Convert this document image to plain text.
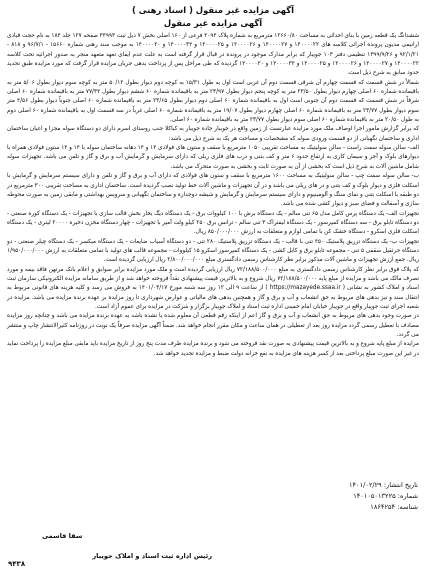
آگهی مزایده غیر منقول ( اسناد رهنی )
آگهی مزایده غیر منقول

ششدانگ یک قطعه زمین با بنای احداثی به مساحت ۱۲۶۶۰/۸۰ مترمربع به شماره پلاک ۲۰۹۴ فرعی از ۱۶۰ اصلی بخش ۷ ذیل ثبت ۳۴۹۹۳ صفحه ۱۲۷ جلد ۱۸۴ به نام حجت قبادی ارانیمی مدیون پرونده اجرائی کلاسه های ۱۴۰۰۰۰۲۲ و ۱۴۰۰۰۰۲۷ و ۱۴۰۰۰۰۲۶ و ۱۴۰۰۰۰۲۵ و ۱۴۰۰۰۰۳۴ و ۱۴۰۰۰۰۲۰ به موجب سند رهنی شماره ۱۵۶۶۰ - ۹۶/۷/۱ و ۸۱۸ - ۹۲/۱/۲۱ و ۱۳۹۹/۹/۲۶ تنظیمی دفتر ۱۰۳ جویبار که برابر مدارک موجود در پرونده در قبال قرار گرفته است به علت عدم ایفای تعهد متعهد منجر به صدور اجرائیه تحت کلاسه ۱۴۰۰۰۰۲۲ و ۱۴۰۰۰۰۲۷ و ۱۴۰۰۰۰۲۶ و ۱۴۰۰۰۰۲۵ و ۱۴۰۰۰۰۳۴ و ۱۴۰۰۰۰۲۰ گردیده که طی مراحل پس از پرداخت بدهی جریان مزایده قرار گرفت که مورد مزایده طبق تحدید حدود سابق به شرح ذیل است.

شمالاً در شش قسمت که قسمت چهارم آن شرقی قسمت دوم آن غربی است اول به طول ۱۵/۳۱ به کوچه دوم دیوار بطول ۵۰/۱۲ متر به کوچه سوم دیوار بطول ۵/۰۶ متر به باقیمانده شماره ۶۰ اصلی چهارم دیوار بطول ۲۳/۵۰ متر به کوچه پنجم دیوار بطول ۲۳/۹۷ متر به باقیمانده شماره ۶۰ ششم دیوار بطول ۷۷/۳۴ متر به باقیمانده شماره ۶۰ اصلی شرقاً در شش قسمت که قسمت دوم آن جنوبی است اول به باقیمانده شماره ۶۰ اصلی دوم دیوار بطول ۲۳/۶۵ متر به باقیمانده شماره ۶۰ اصلی جنوباً دیوار بطول ۴/۵۶ متر سوم دیوار بطول ۲۳/۷۷ متر به باقیمانده شماره ۶۰ اصلی چهارم دیوار بطول ۱۹/۰۷ متر به باقیمانده شماره ۶۰ اصلی غرباً در سه قسمت اول به باقیمانده شماره ۶۰ اصلی دوم به طول ۲۰/۵۰ متر به باقیمانده شماره ۶۰ اصلی سوم دیوار بطول ۲۳/۷۷ متر به باقیمانده شماره ۶۰ اصلی.

که برابر گزارش مامور اجرا اوصاف ملک مورد مزایده عبارتست از زمین واقع در جویبار جاده جویبار به کیاکلا جنب روستای اسرم دارای دو دستگاه سوله مجزا و اعیان ساختمان اداری و ساختمان نگهبانی از دو قسمت ورودی سوله که مشخصات و مساحت هر یک به شرح ذیل می باشد:

الف- سالن سوله سمت راست - سالن سولیتیک به مساحت تقریبی ۱۰۵۰ مترمربع با سقف و ستون های فولادی ۱۴ و ۱۴ دهانه ساختمان سوله با ۱۴ و ۱۴ ستون فولادی همراه با دیوارهای بلوک و آجر و سیمان کاری به ارتفاع حدود ۶ متر و کف بتنی و درب های فلزی ریلی که دارای سرمایش و گرمایش آب و برق و گاز و تلفن می باشد. تجهیزات سوله شامل ماشین آلات به شرح ذیل است که بخشی از آن به صورت ثابت و بخشی به صورت متحرک می باشد.

ب- سالن سوله سمت چپ - سالن سولیتیک به مساحت ۱۶۰۰ مترمربع با سقف و ستون های فولادی که دارای آب و برق و گاز و تلفن و دارای سیستم سرمایش و گرمایش با اسکلت فلزی و دیوار بلوک و کف بتنی و در های ریلی می باشد و در آن تجهیزات و ماشین آلات خط تولید نصب گردیده است. ساختمان اداری به مساحت تقریبی ۳۰۰ مترمربع در دو طبقه با اسکلت بتنی و نمای سنگ و آلومینیوم و دارای سیستم سرمایش و گرمایش و شیشه دوجداره و ساختمان نگهبانی و سرویس بهداشتی و مابقی زمین به صورت محوطه سازی و آسفالت و فضای سبز و دیوار کشی شده می باشد.

تجهیزات الف- یک دستگاه پرس کامل مدل ۶۵ تنی سالم - یک دستگاه برش با ۱۰۰ کیلووات برق - یک دستگاه دیگ بخار بخش قالب سازی با تجهیزات - یک دستگاه کوره صنعتی - دو دستگاه تابلو برق - سه دستگاه کمپرسور - یک دستگاه لیفتراک ۳ تنی سالم - ترانس برق ۲۵۰ کیلو ولت آمپر با تجهیزات - چهار دستگاه مخزن ذخیره ۲۰۰۰۰ لیتری - یک دستگاه اسکلت فلزی اسکرو - دستگاه خشک کن با تمامی لوازم و متعلقات به ارزش ۸۵۰/۰۰۰/۰۰۰ ریال.

تجهیزات ب- یک دستگاه تزریق پلاستیک ۴۵۰ تنی با قالب - یک دستگاه تزریق پلاستیک ۲۸۰ تنی - دو دستگاه آسیاب ضایعات - یک دستگاه میکسر - یک دستگاه چیلر صنعتی - دو دستگاه جرثقیل سقفی ۵ تنی - مجموعه تابلو برق و کابل کشی - یک دستگاه کمپرسور اسکرو ۱۵ کیلووات - مجموعه قالب های تولید با تمامی متعلقات به ارزش ۱/۹۵۰/۰۰۰/۰۰۰ ریال. جمع ارزش تجهیزات و ماشین آلات مذکور برابر نظر کارشناس رسمی دادگستری مبلغ ۲/۸۰۰/۰۰۰/۰۰۰ ریال ارزیابی گردیده است.

که پلاک فوق برابر نظر کارشناس رسمی دادگستری به مبلغ ۷۲/۱۸۸/۵۰۰/۰۰۰ ریال ارزیابی گردیده است و ملک مورد مزایده برابر سوابق و اعلام بانک مرتهن فاقد بیمه و مورد تصرف مالک می باشد و مزایده از مبلغ پایه ۷۲/۱۸۸/۵۰۰/۰۰۰ ریال شروع و به بالاترین قیمت پیشنهادی نقداً فروخته خواهد شد و از طریق سامانه مزایده الکترونیکی سازمان ثبت اسناد و املاک کشور به نشانی ( https://mazayede.ssaa.ir ) از ساعت ۹ الی ۱۲ روز سه شنبه مورخ ۱۴۰۱/۰۳/۱۷ به فروش می رسد و کلیه هزینه های قانونی مربوط به انتقال سند و نیز بدهی های مربوط به حق انشعاب و آب و برق و گاز و همچنین بدهی های مالیاتی و عوارض شهرداری تا روز مزایده بر عهده برنده مزایده می باشد. مزایده در شعبه اجرای ثبت جویبار واقع در جویبار خیابان امام خمینی اداره ثبت اسناد و املاک جویبار برگزار و شرکت در مزایده برای عموم آزاد است.

در صورت وجود بدهی های مربوط به حق انشعاب و آب و برق و گاز اعم از اینکه رقم قطعی آن معلوم شده یا نشده باشد به عهده برنده مزایده می باشد و چنانچه روز مزایده مصادف با تعطیل رسمی گردد مزایده روز بعد از تعطیلی در همان ساعت و مکان مقرر انجام خواهد شد. ضمناً آگهی مزایده صرفاً یک نوبت در روزنامه کثیرالانتشار چاپ و منتشر می گردد.

مزایده از مبلغ پایه شروع و به بالاترین قیمت پیشنهادی به صورت نقد فروخته می شود و برنده مزایده ظرف مدت پنج روز از تاریخ مزایده باید مابقی مبلغ مزایده را پرداخت نماید در غیر این صورت مبلغ پرداختی بعد از کسر هزینه های مزایده به نفع خزانه دولت ضبط و مزایده تجدید خواهد شد.

تاریخ انتشار: ۱۴۰۱/۰۲/۲۹
شماره: ۱۴۰۱۰۵۰۱۳۲۲۵
شناسه: ۱۸۶۴۲۵۴
سقا قاسمی
رئیس اداره ثبت اسناد و املاک جویبار
۹۴۳۸
